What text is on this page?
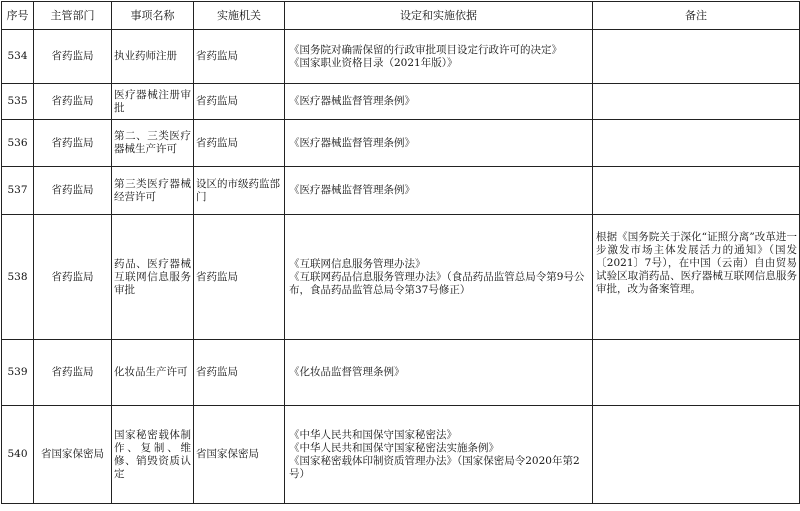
序号	主管部门	事项名称	实施机关	设定和实施依据	备注
534	省药监局	执业药师注册	省药监局	《国务院对确需保留的行政审批项目设定行政许可的决定》
《国家职业资格目录（2021年版）》	

535	省药监局	医疗器械注册审批	省药监局	《医疗器械监督管理条例》	

536	省药监局	第二、三类医疗器械生产许可	省药监局	《医疗器械监督管理条例》	

537	省药监局	第三类医疗器械经营许可	设区的市级药监部门	《医疗器械监督管理条例》	

538	省药监局	药品、医疗器械互联网信息服务审批	省药监局	《互联网信息服务管理办法》
《互联网药品信息服务管理办法》（食品药品监管总局令第9号公布，食品药品监管总局令第37号修正）	根据《国务院关于深化“证照分离”改革进一步激发市场主体发展活力的通知》（国发〔2021〕7号），在中国（云南）自由贸易试验区取消药品、医疗器械互联网信息服务审批，改为备案管理。
539	省药监局	化妆品生产许可	省药监局	《化妆品监督管理条例》	

540	省国家保密局	国家秘密载体制作、复制、维修、销毁资质认定	省国家保密局	《中华人民共和国保守国家秘密法》
《中华人民共和国保守国家秘密法实施条例》
《国家秘密载体印制资质管理办法》（国家保密局令2020年第2号）	
